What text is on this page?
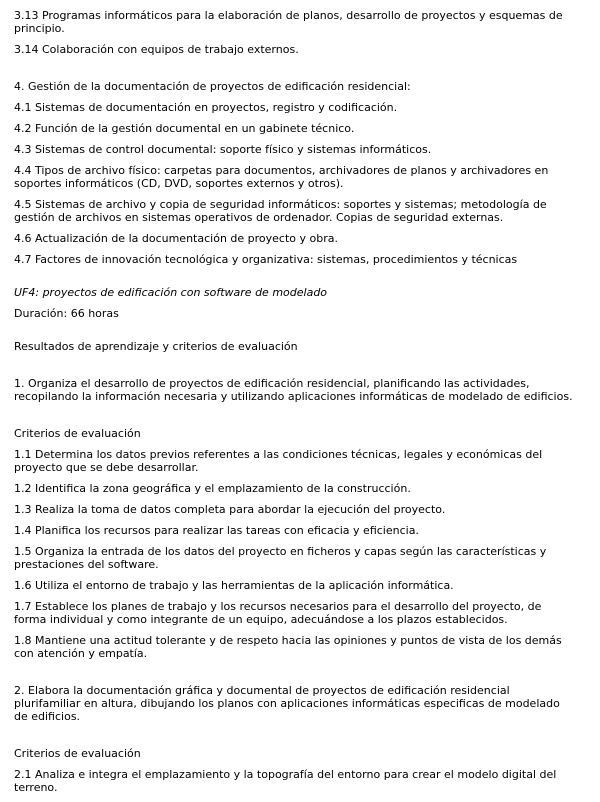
3.13 Programas informáticos para la elaboración de planos, desarrollo de proyectos y esquemas de principio.

3.14 Colaboración con equipos de trabajo externos.

4. Gestión de la documentación de proyectos de edificación residencial:

4.1 Sistemas de documentación en proyectos, registro y codificación.

4.2 Función de la gestión documental en un gabinete técnico.

4.3 Sistemas de control documental: soporte físico y sistemas informáticos.

4.4 Tipos de archivo físico: carpetas para documentos, archivadores de planos y archivadores en soportes informáticos (CD, DVD, soportes externos y otros).

4.5 Sistemas de archivo y copia de seguridad informáticos: soportes y sistemas; metodología de gestión de archivos en sistemas operativos de ordenador. Copias de seguridad externas.

4.6 Actualización de la documentación de proyecto y obra.

4.7 Factores de innovación tecnológica y organizativa: sistemas, procedimientos y técnicas

UF4: proyectos de edificación con software de modelado

Duración: 66 horas

Resultados de aprendizaje y criterios de evaluación

1. Organiza el desarrollo de proyectos de edificación residencial, planificando las actividades, recopilando la información necesaria y utilizando aplicaciones informáticas de modelado de edificios.

Criterios de evaluación

1.1 Determina los datos previos referentes a las condiciones técnicas, legales y económicas del proyecto que se debe desarrollar.

1.2 Identifica la zona geográfica y el emplazamiento de la construcción.

1.3 Realiza la toma de datos completa para abordar la ejecución del proyecto.

1.4 Planifica los recursos para realizar las tareas con eficacia y eficiencia.

1.5 Organiza la entrada de los datos del proyecto en ficheros y capas según las características y prestaciones del software.

1.6 Utiliza el entorno de trabajo y las herramientas de la aplicación informática.

1.7 Establece los planes de trabajo y los recursos necesarios para el desarrollo del proyecto, de forma individual y como integrante de un equipo, adecuándose a los plazos establecidos.

1.8 Mantiene una actitud tolerante y de respeto hacia las opiniones y puntos de vista de los demás con atención y empatía.

2. Elabora la documentación gráfica y documental de proyectos de edificación residencial plurifamiliar en altura, dibujando los planos con aplicaciones informáticas especificas de modelado de edificios.

Criterios de evaluación

2.1 Analiza e integra el emplazamiento y la topografía del entorno para crear el modelo digital del terreno.
